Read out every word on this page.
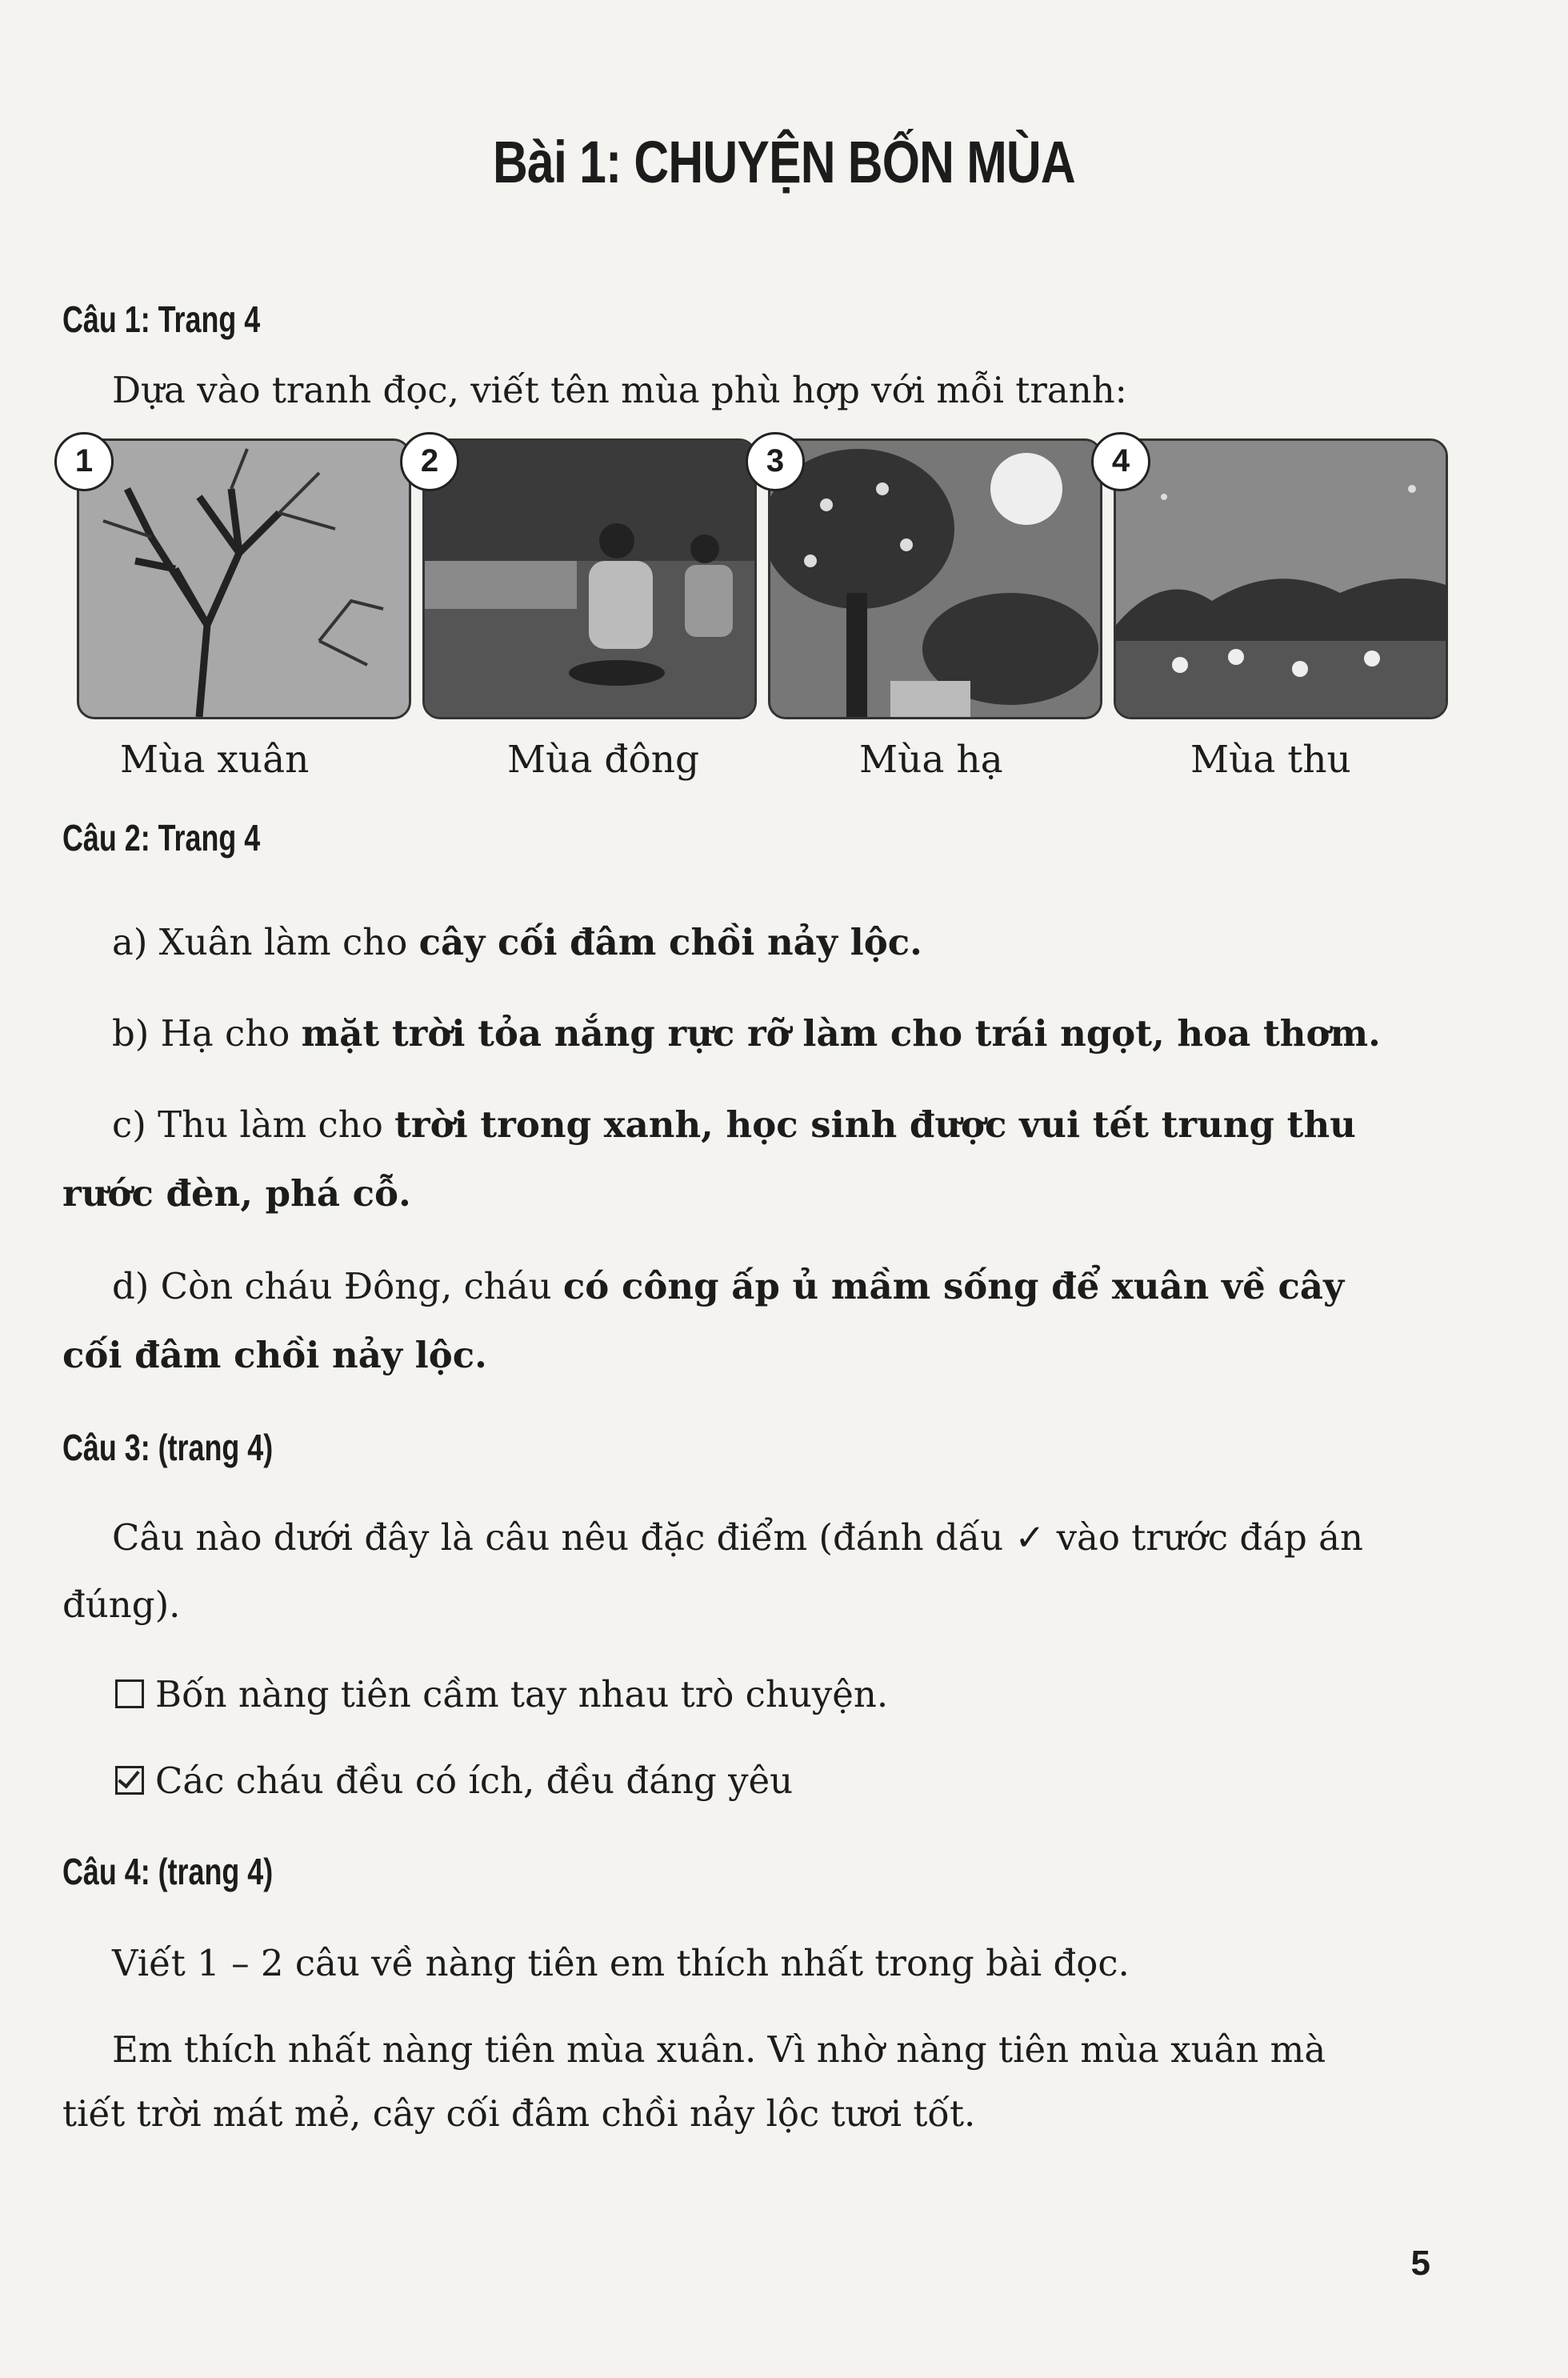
Bài 1: CHUYỆN BỐN MÙA
Câu 1: Trang 4
Dựa vào tranh đọc, viết tên mùa phù hợp với mỗi tranh:
1	2	3	4
Mùa xuân	Mùa đông	Mùa hạ	Mùa thu
Câu 2: Trang 4
a) Xuân làm cho cây cối đâm chồi nảy lộc.
b) Hạ cho mặt trời tỏa nắng rực rỡ làm cho trái ngọt, hoa thơm.
c) Thu làm cho trời trong xanh, học sinh được vui tết trung thu
rước đèn, phá cỗ.
d) Còn cháu Đông, cháu có công ấp ủ mầm sống để xuân về cây
cối đâm chồi nảy lộc.
Câu 3: (trang 4)
Câu nào dưới đây là câu nêu đặc điểm (đánh dấu ✓ vào trước đáp án
đúng).
Bốn nàng tiên cầm tay nhau trò chuyện.
Các cháu đều có ích, đều đáng yêu
Câu 4: (trang 4)
Viết 1 – 2 câu về nàng tiên em thích nhất trong bài đọc.
Em thích nhất nàng tiên mùa xuân. Vì nhờ nàng tiên mùa xuân mà
tiết trời mát mẻ, cây cối đâm chồi nảy lộc tươi tốt.
5
